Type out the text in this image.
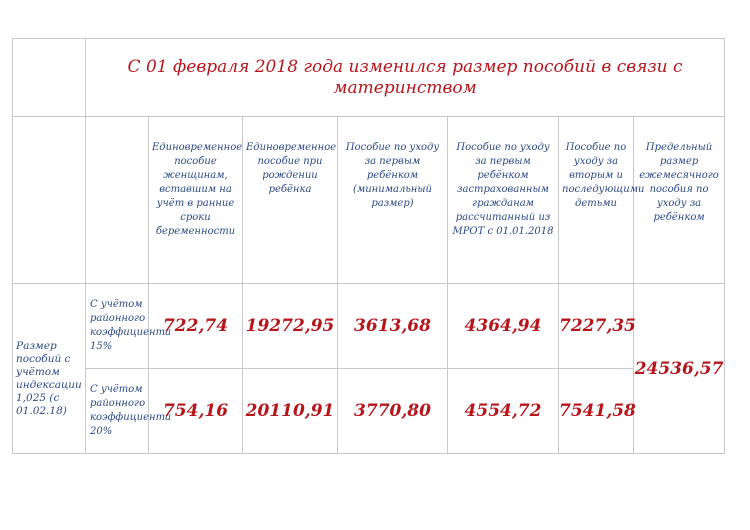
	С 01 февраля 2018 года изменился размер пособий в связи с материнством						

		Единовременное пособие женщинам, вставшим на учёт в ранние сроки беременности	Единовременное пособие при рождении ребёнка	Пособие по уходу за первым ребёнком (минимальный размер)	Пособие по уходу за первым ребёнком застрахованным гражданам рассчитанный из МРОТ с 01.01.2018	Пособие по уходу за вторым и последующими детьми	Предельный размер ежемесячного пособия по уходу за ребёнком

Размер пособий с учётом индексации 1,025 (с 01.02.18)	С учётом районного коэффициента 15%	722,74	19272,95	3613,68	4364,94	7227,35	24536,57
	С учётом районного коэффициента 20%	754,16	20110,91	3770,80	4554,72	7541,58	
